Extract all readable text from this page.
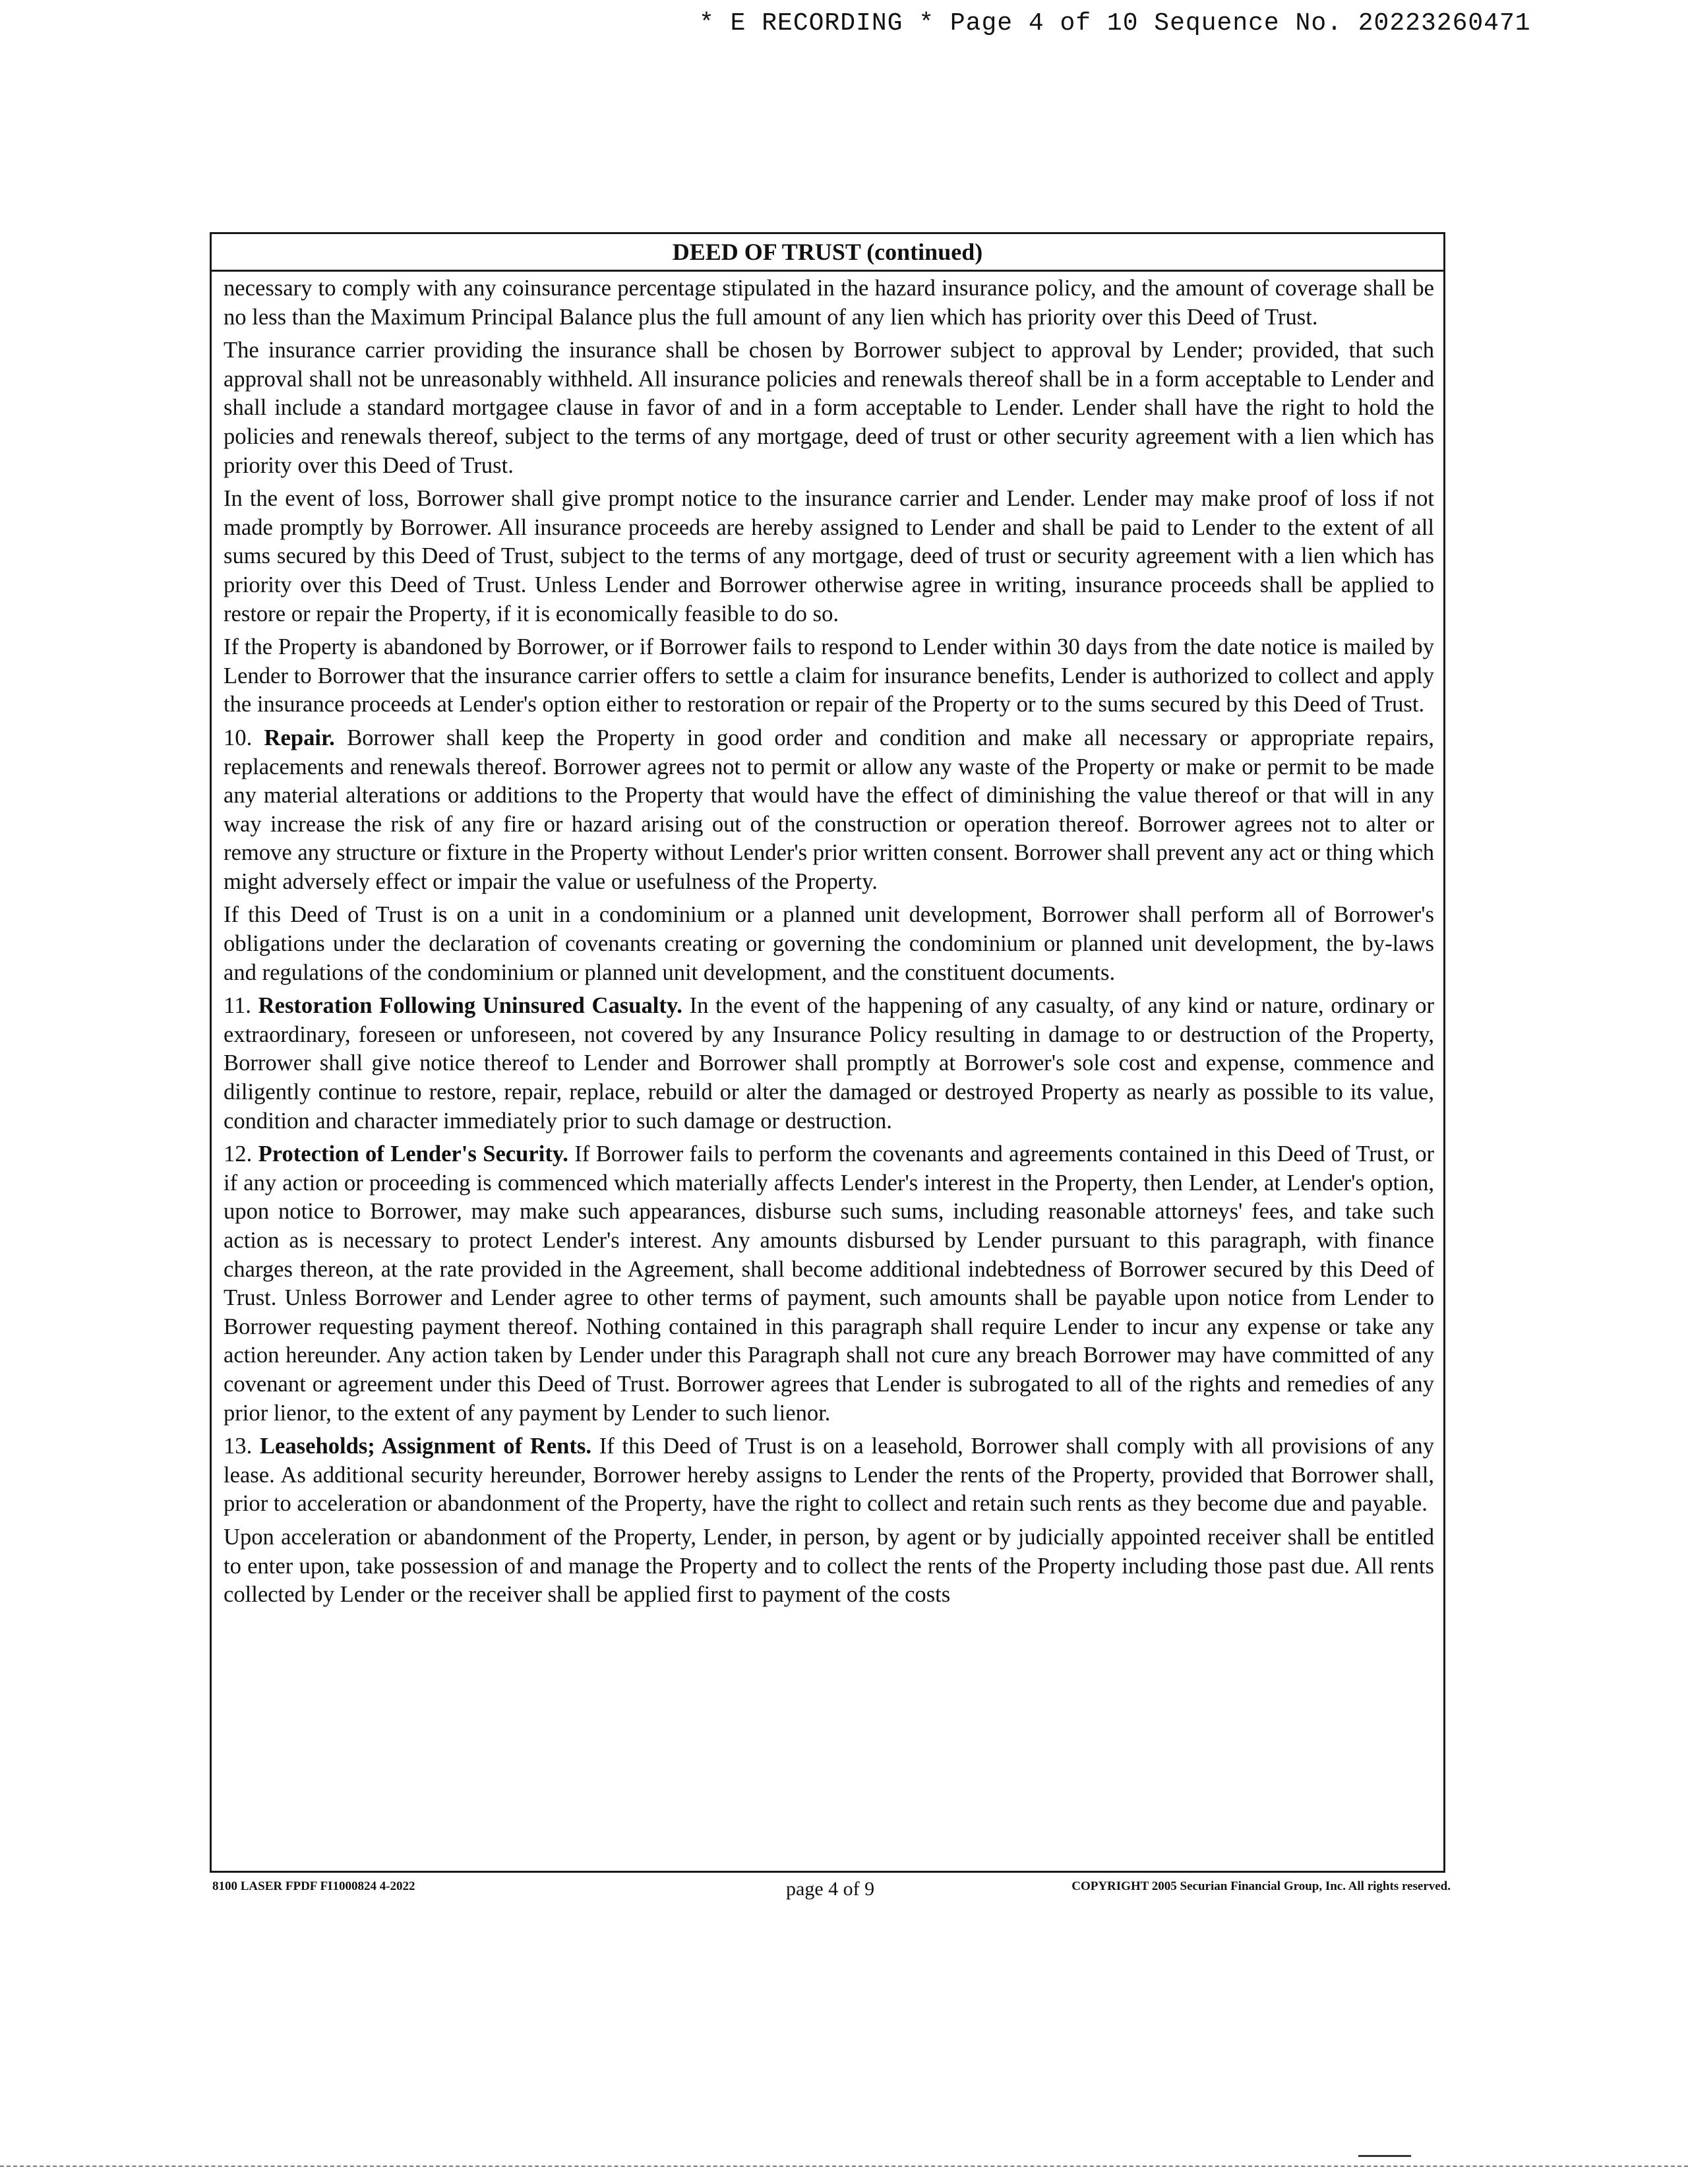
* E RECORDING * Page 4 of 10 Sequence No. 20223260471
DEED OF TRUST (continued)

necessary to comply with any coinsurance percentage stipulated in the hazard insurance policy, and the amount of coverage shall be no less than the Maximum Principal Balance plus the full amount of any lien which has priority over this Deed of Trust.

The insurance carrier providing the insurance shall be chosen by Borrower subject to approval by Lender; provided, that such approval shall not be unreasonably withheld. All insurance policies and renewals thereof shall be in a form acceptable to Lender and shall include a standard mortgagee clause in favor of and in a form acceptable to Lender. Lender shall have the right to hold the policies and renewals thereof, subject to the terms of any mortgage, deed of trust or other security agreement with a lien which has priority over this Deed of Trust.

In the event of loss, Borrower shall give prompt notice to the insurance carrier and Lender. Lender may make proof of loss if not made promptly by Borrower. All insurance proceeds are hereby assigned to Lender and shall be paid to Lender to the extent of all sums secured by this Deed of Trust, subject to the terms of any mortgage, deed of trust or security agreement with a lien which has priority over this Deed of Trust. Unless Lender and Borrower otherwise agree in writing, insurance proceeds shall be applied to restore or repair the Property, if it is economically feasible to do so.

If the Property is abandoned by Borrower, or if Borrower fails to respond to Lender within 30 days from the date notice is mailed by Lender to Borrower that the insurance carrier offers to settle a claim for insurance benefits, Lender is authorized to collect and apply the insurance proceeds at Lender's option either to restoration or repair of the Property or to the sums secured by this Deed of Trust.

10. Repair. Borrower shall keep the Property in good order and condition and make all necessary or appropriate repairs, replacements and renewals thereof. Borrower agrees not to permit or allow any waste of the Property or make or permit to be made any material alterations or additions to the Property that would have the effect of diminishing the value thereof or that will in any way increase the risk of any fire or hazard arising out of the construction or operation thereof. Borrower agrees not to alter or remove any structure or fixture in the Property without Lender's prior written consent. Borrower shall prevent any act or thing which might adversely effect or impair the value or usefulness of the Property.

If this Deed of Trust is on a unit in a condominium or a planned unit development, Borrower shall perform all of Borrower's obligations under the declaration of covenants creating or governing the condominium or planned unit development, the by-laws and regulations of the condominium or planned unit development, and the constituent documents.

11. Restoration Following Uninsured Casualty. In the event of the happening of any casualty, of any kind or nature, ordinary or extraordinary, foreseen or unforeseen, not covered by any Insurance Policy resulting in damage to or destruction of the Property, Borrower shall give notice thereof to Lender and Borrower shall promptly at Borrower's sole cost and expense, commence and diligently continue to restore, repair, replace, rebuild or alter the damaged or destroyed Property as nearly as possible to its value, condition and character immediately prior to such damage or destruction.

12. Protection of Lender's Security. If Borrower fails to perform the covenants and agreements contained in this Deed of Trust, or if any action or proceeding is commenced which materially affects Lender's interest in the Property, then Lender, at Lender's option, upon notice to Borrower, may make such appearances, disburse such sums, including reasonable attorneys' fees, and take such action as is necessary to protect Lender's interest. Any amounts disbursed by Lender pursuant to this paragraph, with finance charges thereon, at the rate provided in the Agreement, shall become additional indebtedness of Borrower secured by this Deed of Trust. Unless Borrower and Lender agree to other terms of payment, such amounts shall be payable upon notice from Lender to Borrower requesting payment thereof. Nothing contained in this paragraph shall require Lender to incur any expense or take any action hereunder. Any action taken by Lender under this Paragraph shall not cure any breach Borrower may have committed of any covenant or agreement under this Deed of Trust. Borrower agrees that Lender is subrogated to all of the rights and remedies of any prior lienor, to the extent of any payment by Lender to such lienor.

13. Leaseholds; Assignment of Rents. If this Deed of Trust is on a leasehold, Borrower shall comply with all provisions of any lease. As additional security hereunder, Borrower hereby assigns to Lender the rents of the Property, provided that Borrower shall, prior to acceleration or abandonment of the Property, have the right to collect and retain such rents as they become due and payable.

Upon acceleration or abandonment of the Property, Lender, in person, by agent or by judicially appointed receiver shall be entitled to enter upon, take possession of and manage the Property and to collect the rents of the Property including those past due. All rents collected by Lender or the receiver shall be applied first to payment of the costs

8100 LASER FPDF FI1000824 4-2022	page 4 of 9	COPYRIGHT 2005 Securian Financial Group, Inc. All rights reserved.
